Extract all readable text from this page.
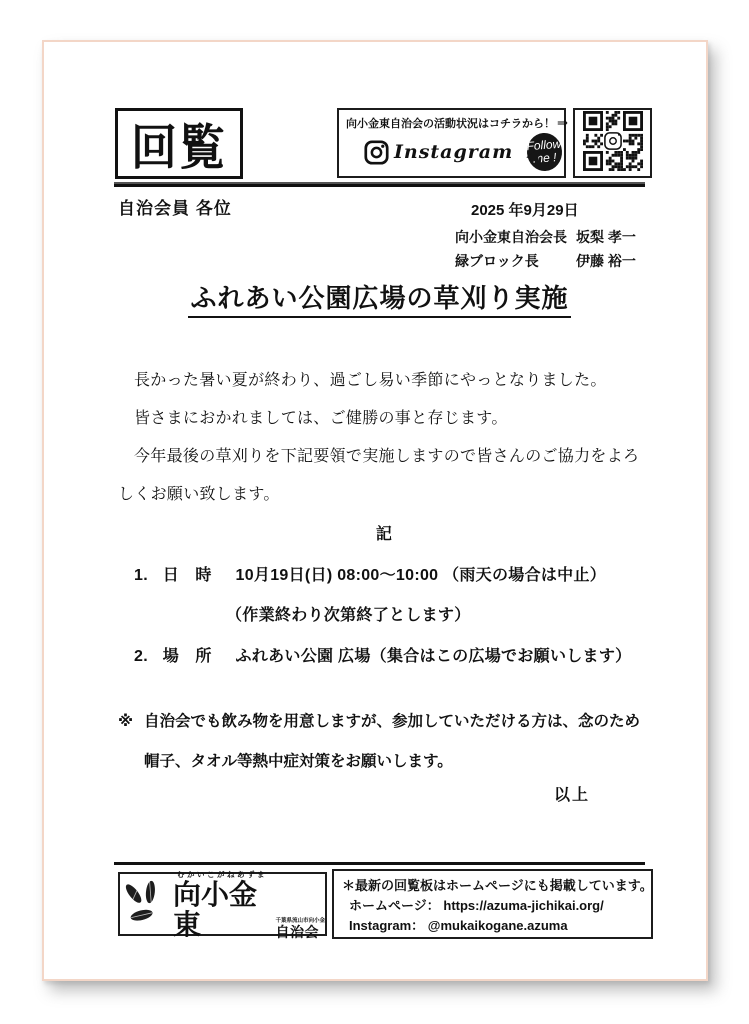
回覧	向小金東自治会の活動状況はコチラから！ ⇒
Instagram Follow
me !
自治会員 各位	2025 年9月29日
向小金東自治会長 坂梨 孝一
緑ブロック長	伊藤 裕一
ふれあい公園広場の草刈り実施

長かった暑い夏が終わり、過ごし易い季節にやっとなりました。

皆さまにおかれましては、ご健勝の事と存じます。

今年最後の草刈りを下記要領で実施しますので皆さんのご協力をよろしくお願い致します。

記
1. 日　時 10月19日(日) 08:00～10:00 （雨天の場合は中止）
（作業終わり次第終了とします）
2. 場　所 ふれあい公園 広場（集合はこの広場でお願いします）
※ 自治会でも飲み物を用意しますが、参加していただける方は、念のため
帽子、タオル等熱中症対策をお願いします。
以上
むかいこがねあずま
向小金東	千葉県流山市向小金
自治会
＊最新の回覧板はホームページにも掲載しています。
ホームページ： https://azuma-jichikai.org/
Instagram： @mukaikogane.azuma
